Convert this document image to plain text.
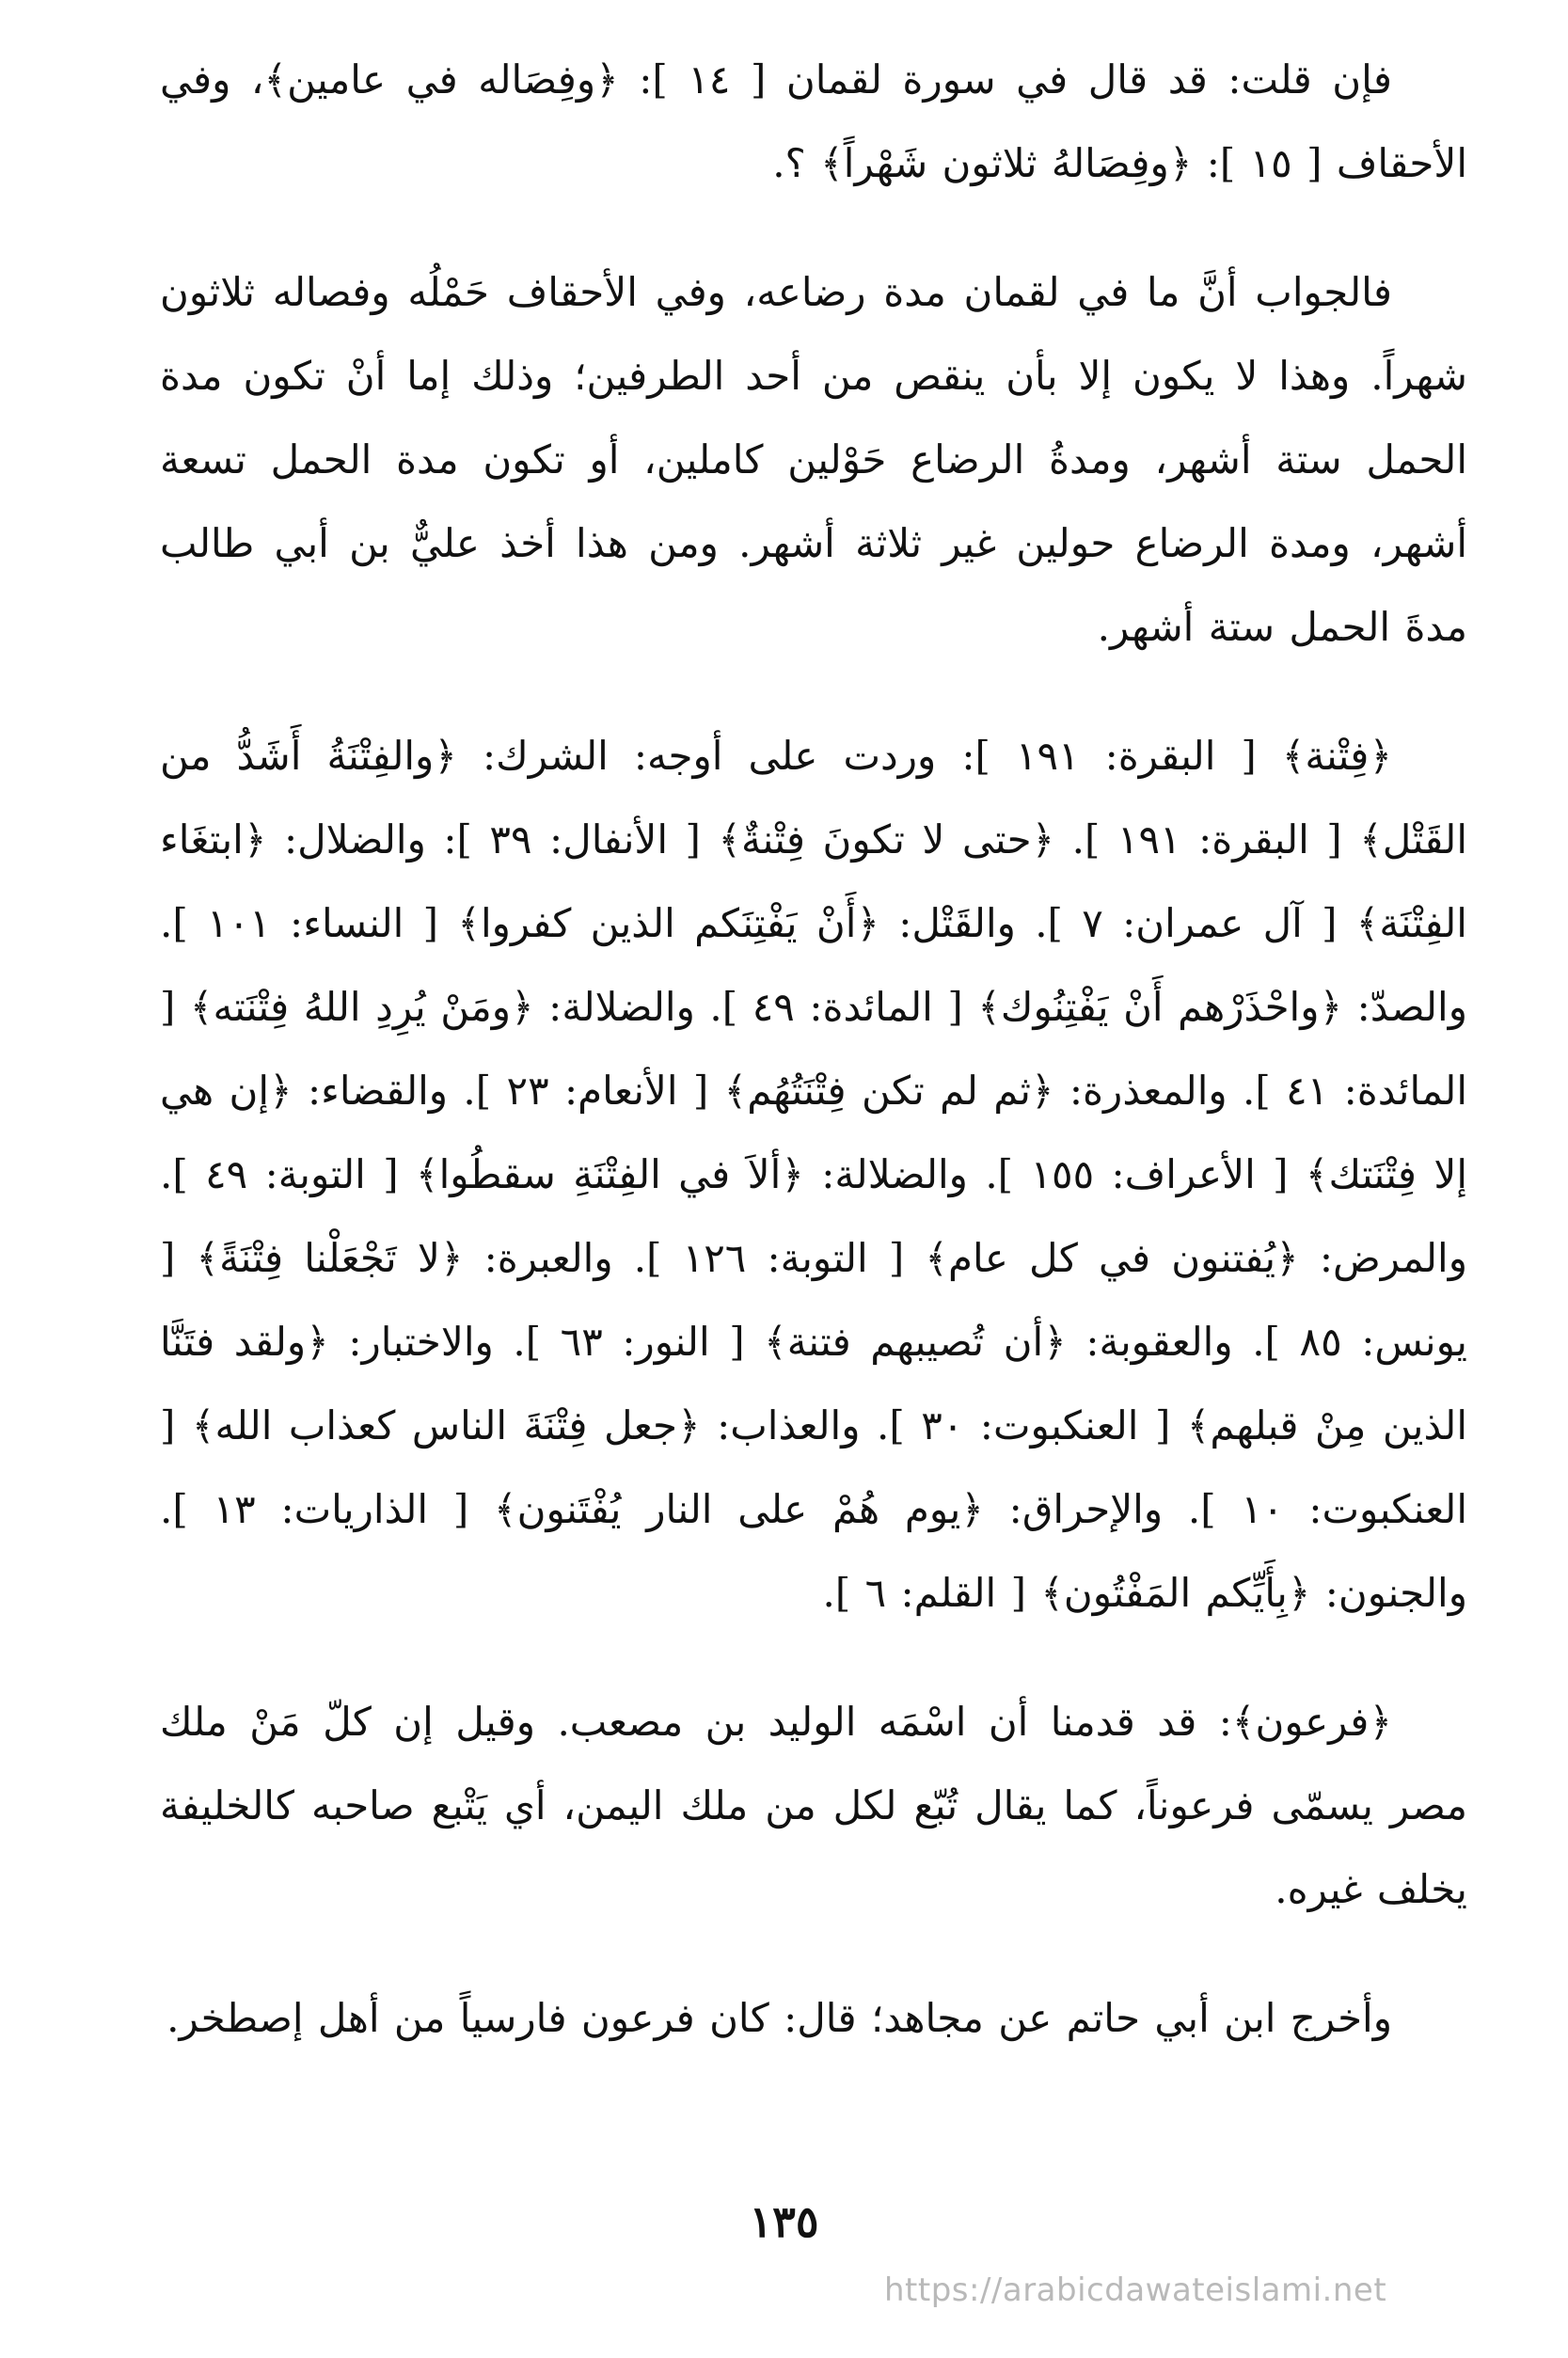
فإن قلت: قد قال في سورة لقمان [ ١٤ ]: ﴿وفِصَاله في عامين﴾، وفي الأحقاف [ ١٥ ]: ﴿وفِصَالهُ ثلاثون شَهْراً﴾ ؟.

فالجواب أنَّ ما في لقمان مدة رضاعه، وفي الأحقاف حَمْلُه وفصاله ثلاثون شهراً. وهذا لا يكون إلا بأن ينقص من أحد الطرفين؛ وذلك إما أنْ تكون مدة الحمل ستة أشهر، ومدةُ الرضاع حَوْلين كاملين، أو تكون مدة الحمل تسعة أشهر، ومدة الرضاع حولين غير ثلاثة أشهر. ومن هذا أخذ عليٌّ بن أبي طالب مدةَ الحمل ستة أشهر.

﴿فِتْنة﴾ [ البقرة: ١٩١ ]: وردت على أوجه: الشرك: ﴿والفِتْنَةُ أَشَدُّ من القَتْل﴾ [ البقرة: ١٩١ ]. ﴿حتى لا تكونَ فِتْنةٌ﴾ [ الأنفال: ٣٩ ]: والضلال: ﴿ابتغَاء الفِتْنَة﴾ [ آل عمران: ٧ ]. والقَتْل: ﴿أَنْ يَفْتِنَكم الذين كفروا﴾ [ النساء: ١٠١ ]. والصدّ: ﴿واحْذَرْهم أَنْ يَفْتِنُوك﴾ [ المائدة: ٤٩ ]. والضلالة: ﴿ومَنْ يُرِدِ اللهُ فِتْنَته﴾ [ المائدة: ٤١ ]. والمعذرة: ﴿ثم لم تكن فِتْنَتُهُم﴾ [ الأنعام: ٢٣ ]. والقضاء: ﴿إن هي إلا فِتْنَتك﴾ [ الأعراف: ١٥٥ ]. والضلالة: ﴿ألاَ في الفِتْنَةِ سقطُوا﴾ [ التوبة: ٤٩ ]. والمرض: ﴿يُفتنون في كل عام﴾ [ التوبة: ١٢٦ ]. والعبرة: ﴿لا تَجْعَلْنا فِتْنَةً﴾ [ يونس: ٨٥ ]. والعقوبة: ﴿أن تُصيبهم فتنة﴾ [ النور: ٦٣ ]. والاختبار: ﴿ولقد فتَنَّا الذين مِنْ قبلهم﴾ [ العنكبوت: ٣٠ ]. والعذاب: ﴿جعل فِتْنَةَ الناس كعذاب الله﴾ [ العنكبوت: ١٠ ]. والإحراق: ﴿يوم هُمْ على النار يُفْتَنون﴾ [ الذاريات: ١٣ ]. والجنون: ﴿بِأَيِّكم المَفْتُون﴾ [ القلم: ٦ ].

﴿فرعون﴾: قد قدمنا أن اسْمَه الوليد بن مصعب. وقيل إن كلّ مَنْ ملك مصر يسمّى فرعوناً، كما يقال تُبّع لكل من ملك اليمن، أي يَتْبع صاحبه كالخليفة يخلف غيره.

وأخرج ابن أبي حاتم عن مجاهد؛ قال: كان فرعون فارسياً من أهل إصطخر.

١٣٥
https://arabicdawateislami.net
